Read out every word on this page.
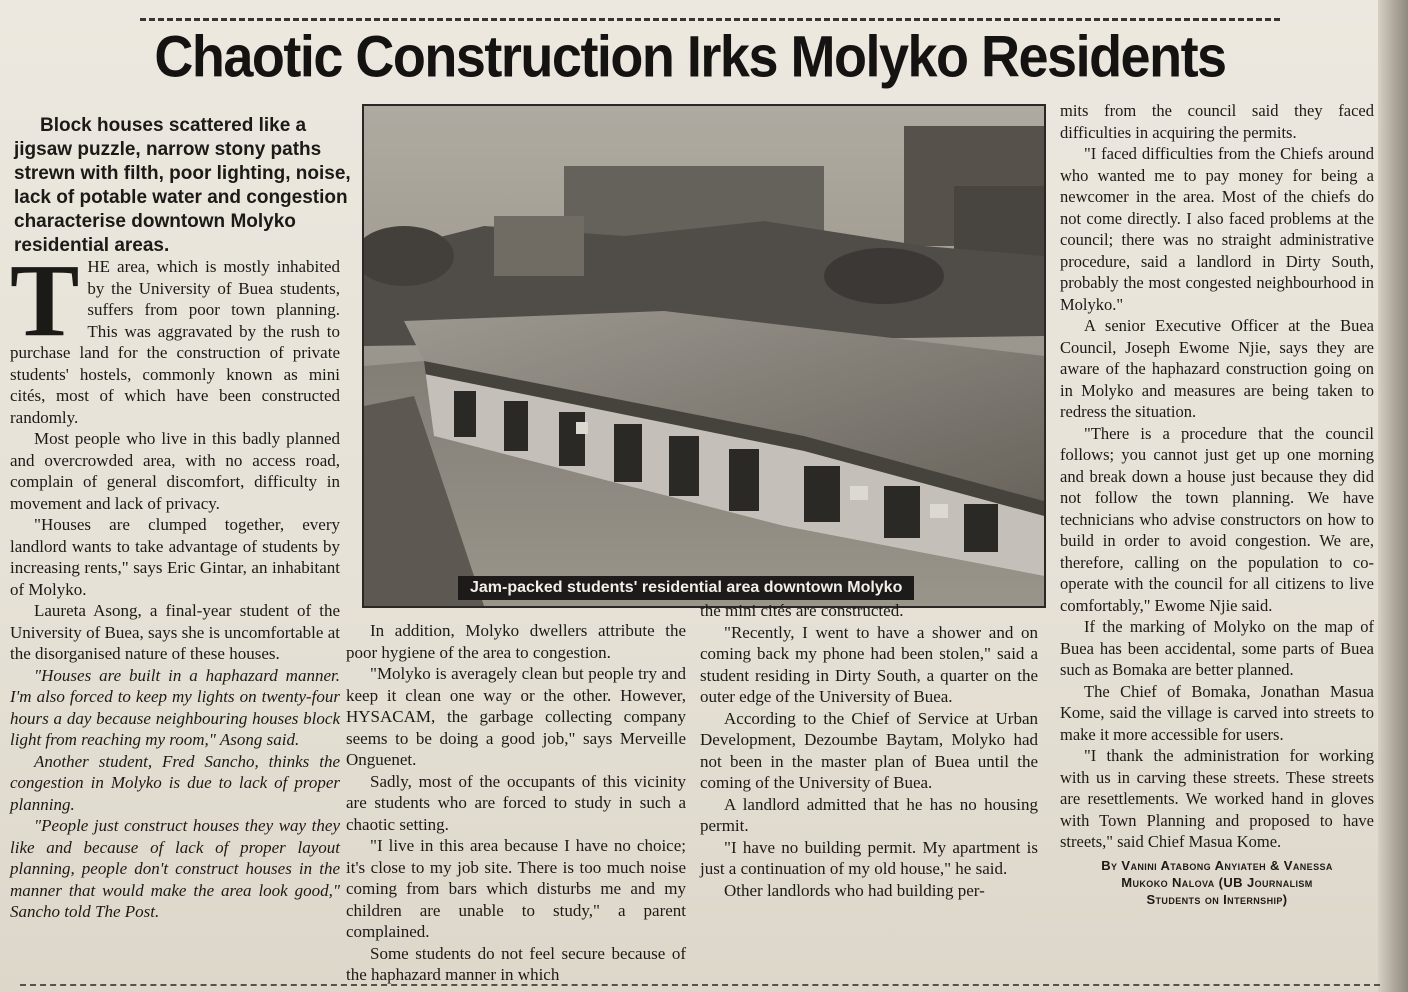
Chaotic Construction Irks Molyko Residents
Block houses scattered like a jigsaw puzzle, narrow stony paths strewn with filth, poor lighting, noise, lack of potable water and congestion characterise downtown Molyko residential areas.
Jam-packed students' residential area downtown Molyko

THE area, which is mostly inhabited by the University of Buea students, suffers from poor town planning. This was aggravated by the rush to purchase land for the construction of private students' hostels, commonly known as mini cités, most of which have been constructed randomly.

Most people who live in this badly planned and overcrowded area, with no access road, complain of general discomfort, difficulty in movement and lack of privacy.

"Houses are clumped together, every landlord wants to take advantage of students by increasing rents," says Eric Gintar, an inhabitant of Molyko.

Laureta Asong, a final-year student of the University of Buea, says she is uncomfortable at the disorganised nature of these houses.

"Houses are built in a haphazard manner. I'm also forced to keep my lights on twenty-four hours a day because neighbouring houses block light from reaching my room," Asong said.

Another student, Fred Sancho, thinks the congestion in Molyko is due to lack of proper planning.

"People just construct houses they way they like and because of lack of proper layout planning, people don't construct houses in the manner that would make the area look good," Sancho told The Post.

In addition, Molyko dwellers attribute the poor hygiene of the area to congestion.

"Molyko is averagely clean but people try and keep it clean one way or the other. However, HYSACAM, the garbage collecting company seems to be doing a good job," says Merveille Onguenet.

Sadly, most of the occupants of this vicinity are students who are forced to study in such a chaotic setting.

"I live in this area because I have no choice; it's close to my job site. There is too much noise coming from bars which disturbs me and my children are unable to study," a parent complained.

Some students do not feel secure because of the haphazard manner in which

the mini cités are constructed.

"Recently, I went to have a shower and on coming back my phone had been stolen," said a student residing in Dirty South, a quarter on the outer edge of the University of Buea.

According to the Chief of Service at Urban Development, Dezoumbe Baytam, Molyko had not been in the master plan of Buea until the coming of the University of Buea.

A landlord admitted that he has no housing permit.

"I have no building permit. My apartment is just a continuation of my old house," he said.

Other landlords who had building per-

mits from the council said they faced difficulties in acquiring the permits.

"I faced difficulties from the Chiefs around who wanted me to pay money for being a newcomer in the area. Most of the chiefs do not come directly. I also faced problems at the council; there was no straight administrative procedure, said a landlord in Dirty South, probably the most congested neighbourhood in Molyko."

A senior Executive Officer at the Buea Council, Joseph Ewome Njie, says they are aware of the haphazard construction going on in Molyko and measures are being taken to redress the situation.

"There is a procedure that the council follows; you cannot just get up one morning and break down a house just because they did not follow the town planning. We have technicians who advise constructors on how to build in order to avoid congestion. We are, therefore, calling on the population to co-operate with the council for all citizens to live comfortably," Ewome Njie said.

If the marking of Molyko on the map of Buea has been accidental, some parts of Buea such as Bomaka are better planned.

The Chief of Bomaka, Jonathan Masua Kome, said the village is carved into streets to make it more accessible for users.

"I thank the administration for working with us in carving these streets. These streets are resettlements. We worked hand in gloves with Town Planning and proposed to have streets," said Chief Masua Kome.

By Vanini Atabong Anyiateh & Vanessa
Mukoko Nalova (UB Journalism
Students on Internship)
